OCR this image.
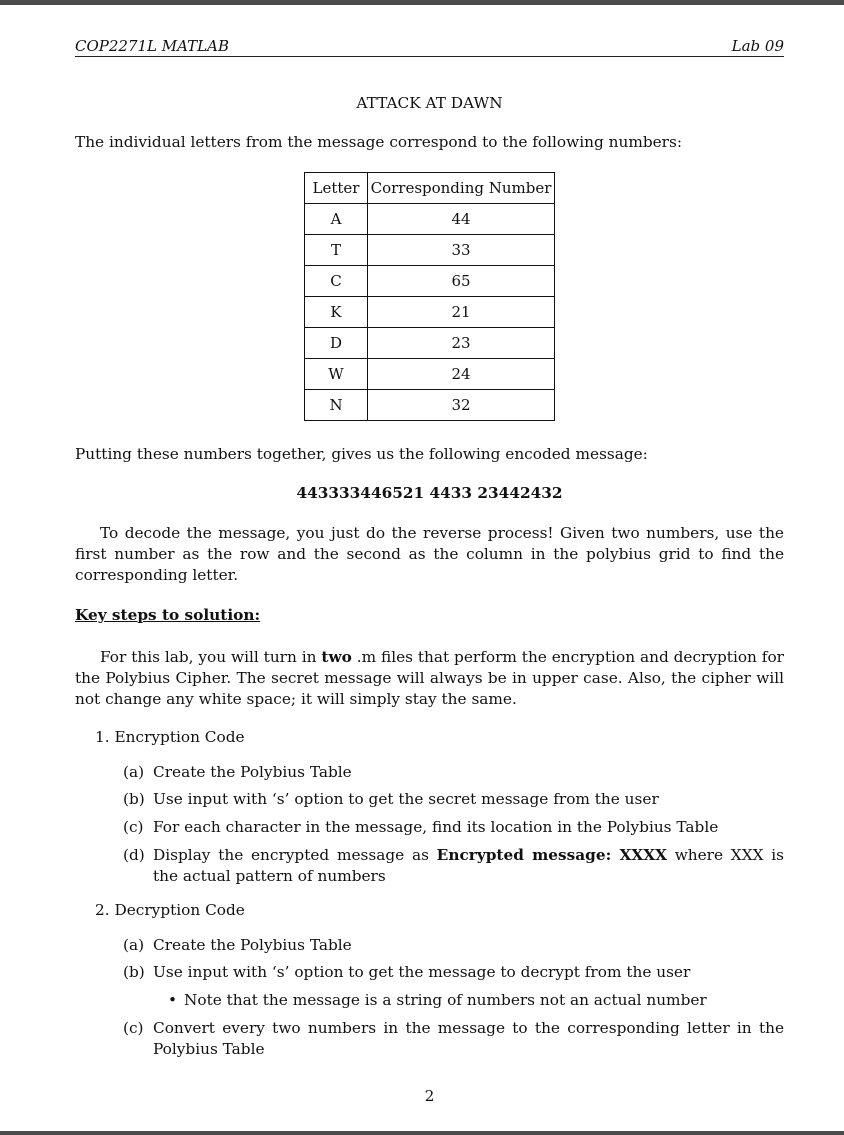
COP2271L MATLAB	Lab 09
ATTACK AT DAWN
The individual letters from the message correspond to the following numbers:
Letter	Corresponding Number
A	44
T	33
C	65
K	21
D	23
W	24
N	32
Putting these numbers together, gives us the following encoded message:
443333446521 4433 23442432
To decode the message, you just do the reverse process! Given two numbers, use the first number as the row and the second as the column in the polybius grid to find the corresponding letter.
Key steps to solution:
For this lab, you will turn in two .m files that perform the encryption and decryption for the Polybius Cipher. The secret message will always be in upper case. Also, the cipher will not change any white space; it will simply stay the same.
1. Encryption Code
(a) Create the Polybius Table
(b) Use input with ‘s’ option to get the secret message from the user
(c) For each character in the message, find its location in the Polybius Table
(d) Display the encrypted message as Encrypted message: XXXX where XXX is the actual pattern of numbers
2. Decryption Code
(a) Create the Polybius Table
(b) Use input with ‘s’ option to get the message to decrypt from the user
• Note that the message is a string of numbers not an actual number
(c) Convert every two numbers in the message to the corresponding letter in the Polybius Table
2
